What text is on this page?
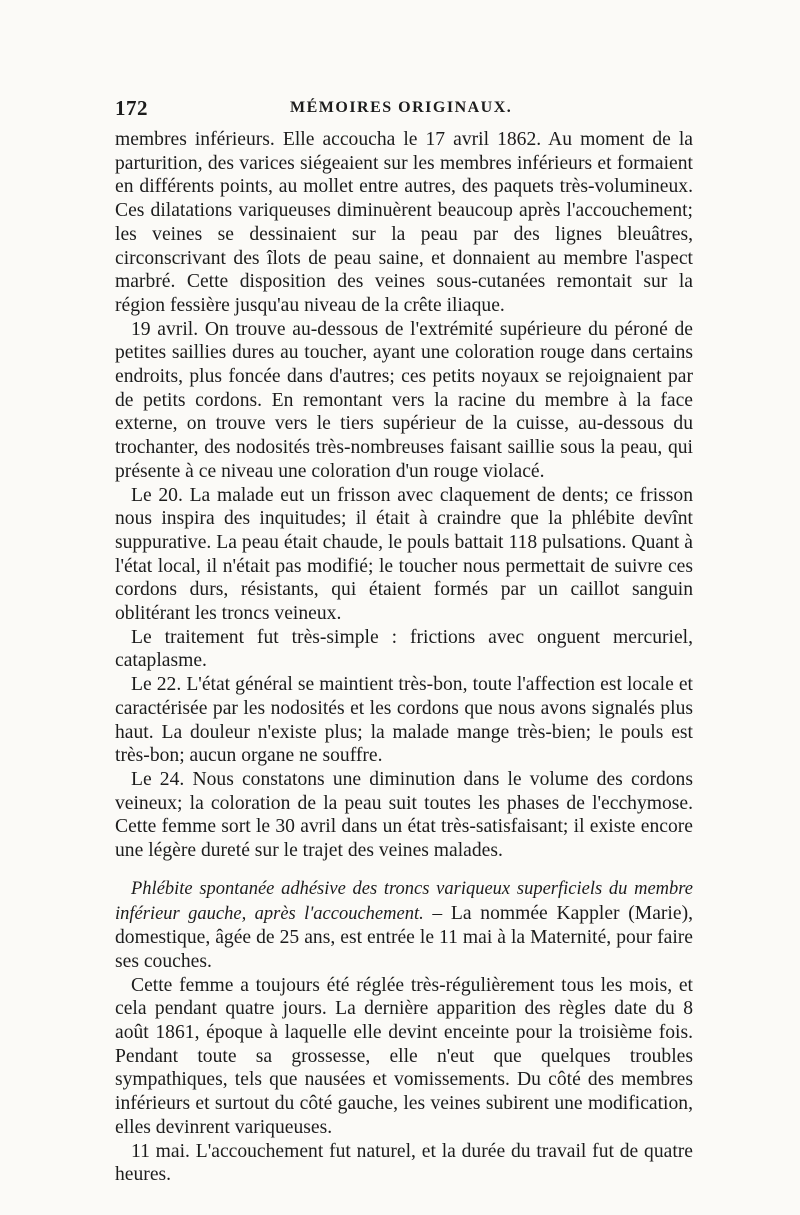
172	MÉMOIRES ORIGINAUX.

membres inférieurs. Elle accoucha le 17 avril 1862. Au moment de la parturition, des varices siégeaient sur les membres inférieurs et formaient en différents points, au mollet entre autres, des paquets très-volumineux. Ces dilatations variqueuses diminuèrent beaucoup après l'accouchement; les veines se dessinaient sur la peau par des lignes bleuâtres, circonscrivant des îlots de peau saine, et donnaient au membre l'aspect marbré. Cette disposition des veines sous-cutanées remontait sur la région fessière jusqu'au niveau de la crête iliaque.

19 avril. On trouve au-dessous de l'extrémité supérieure du péroné de petites saillies dures au toucher, ayant une coloration rouge dans certains endroits, plus foncée dans d'autres; ces petits noyaux se rejoignaient par de petits cordons. En remontant vers la racine du membre à la face externe, on trouve vers le tiers supérieur de la cuisse, au-dessous du trochanter, des nodosités très-nombreuses faisant saillie sous la peau, qui présente à ce niveau une coloration d'un rouge violacé.

Le 20. La malade eut un frisson avec claquement de dents; ce frisson nous inspira des inquitudes; il était à craindre que la phlébite devînt suppurative. La peau était chaude, le pouls battait 118 pulsations. Quant à l'état local, il n'était pas modifié; le toucher nous permettait de suivre ces cordons durs, résistants, qui étaient formés par un caillot sanguin oblitérant les troncs veineux.

Le traitement fut très-simple : frictions avec onguent mercuriel, cataplasme.

Le 22. L'état général se maintient très-bon, toute l'affection est locale et caractérisée par les nodosités et les cordons que nous avons signalés plus haut. La douleur n'existe plus; la malade mange très-bien; le pouls est très-bon; aucun organe ne souffre.

Le 24. Nous constatons une diminution dans le volume des cordons veineux; la coloration de la peau suit toutes les phases de l'ecchymose. Cette femme sort le 30 avril dans un état très-satisfaisant; il existe encore une légère dureté sur le trajet des veines malades.

Phlébite spontanée adhésive des troncs variqueux superficiels du membre inférieur gauche, après l'accouchement. – La nommée Kappler (Marie), domestique, âgée de 25 ans, est entrée le 11 mai à la Maternité, pour faire ses couches.

Cette femme a toujours été réglée très-régulièrement tous les mois, et cela pendant quatre jours. La dernière apparition des règles date du 8 août 1861, époque à laquelle elle devint enceinte pour la troisième fois. Pendant toute sa grossesse, elle n'eut que quelques troubles sympathiques, tels que nausées et vomissements. Du côté des membres inférieurs et surtout du côté gauche, les veines subirent une modification, elles devinrent variqueuses.

11 mai. L'accouchement fut naturel, et la durée du travail fut de quatre heures.
